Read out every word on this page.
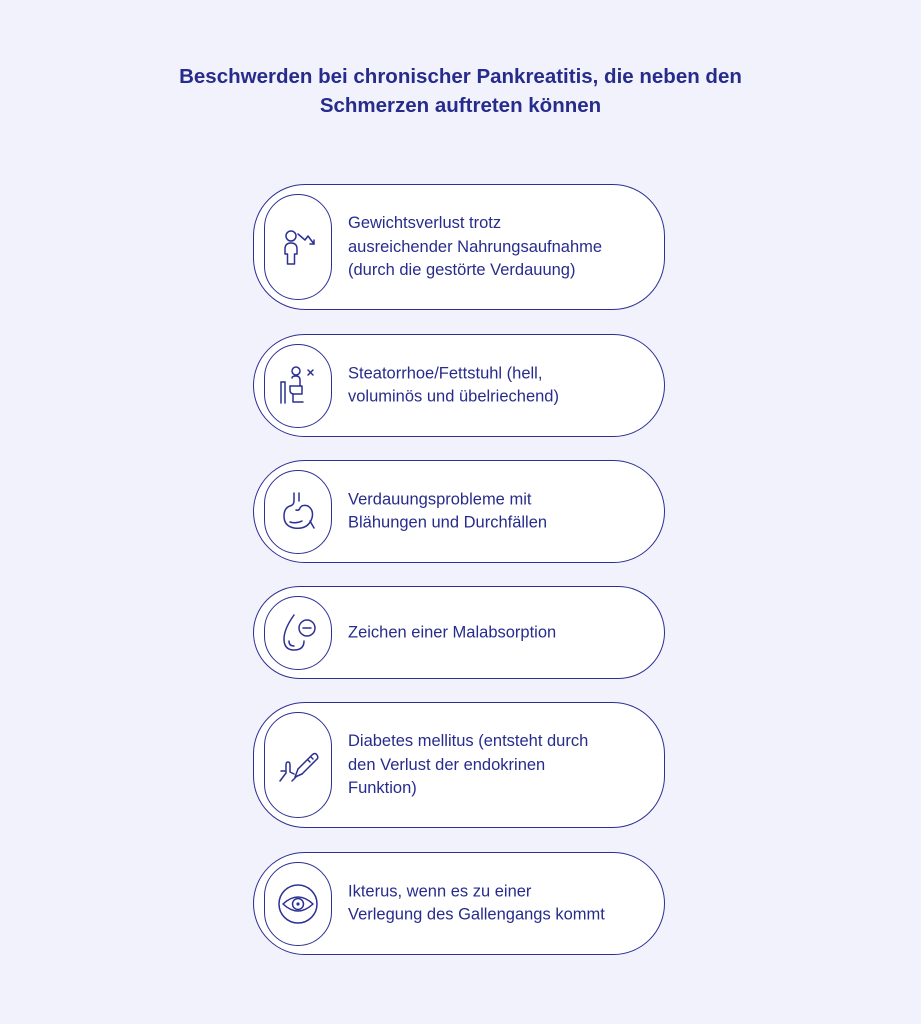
Beschwerden bei chronischer Pankreatitis, die neben den
Schmerzen auftreten können
Gewichtsverlust trotz
ausreichender Nahrungsaufnahme
(durch die gestörte Verdauung)
Steatorrhoe/Fettstuhl (hell,
voluminös und übelriechend)
Verdauungsprobleme mit
Blähungen und Durchfällen
Zeichen einer Malabsorption
Diabetes mellitus (entsteht durch
den Verlust der endokrinen
Funktion)
Ikterus, wenn es zu einer
Verlegung des Gallengangs kommt
